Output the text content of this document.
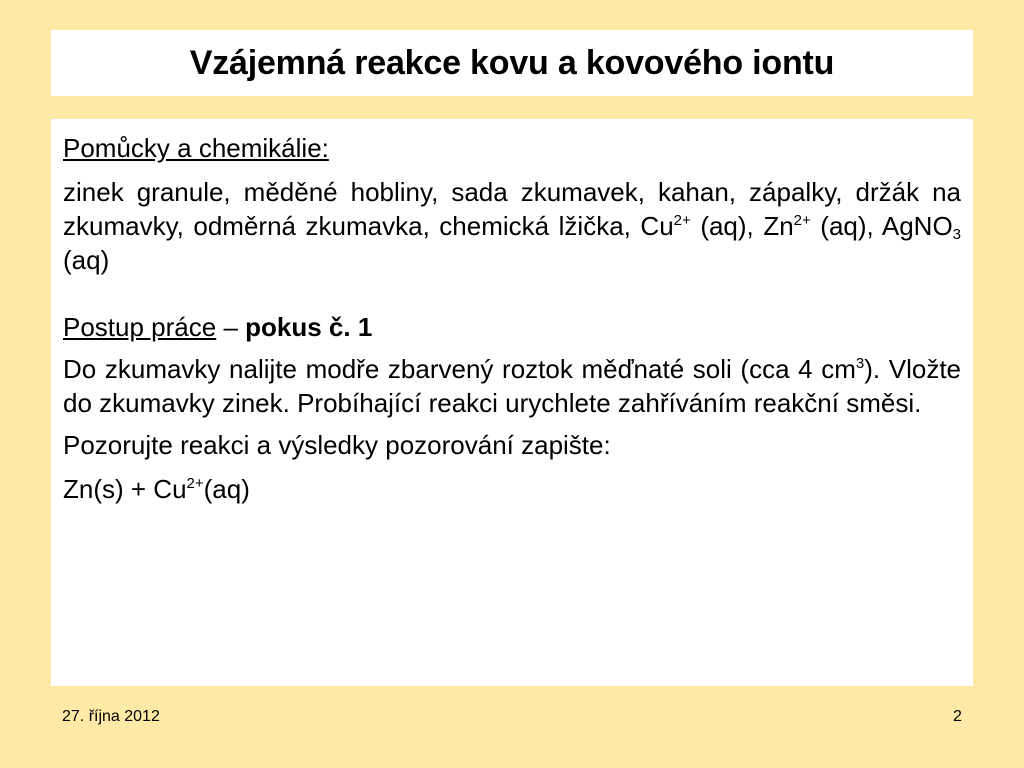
Vzájemná reakce kovu a kovového iontu

Pomůcky a chemikálie:

zinek granule, měděné hobliny, sada zkumavek, kahan, zápalky, držák na zkumavky, odměrná zkumavka, chemická lžička, $Cu^{2+}$ (aq), $Zn^{2+}$ (aq), AgNO$_3$ (aq)

Postup práce – pokus č. 1

Do zkumavky nalijte modře zbarvený roztok měďnaté soli (cca 4 $cm^3$). Vložte do zkumavky zinek. Probíhající reakci urychlete zahříváním reakční směsi.

Pozorujte reakci a výsledky pozorování zapište:

$Zn(s) + Cu^{2+}(aq)$

27. října 2012	2
